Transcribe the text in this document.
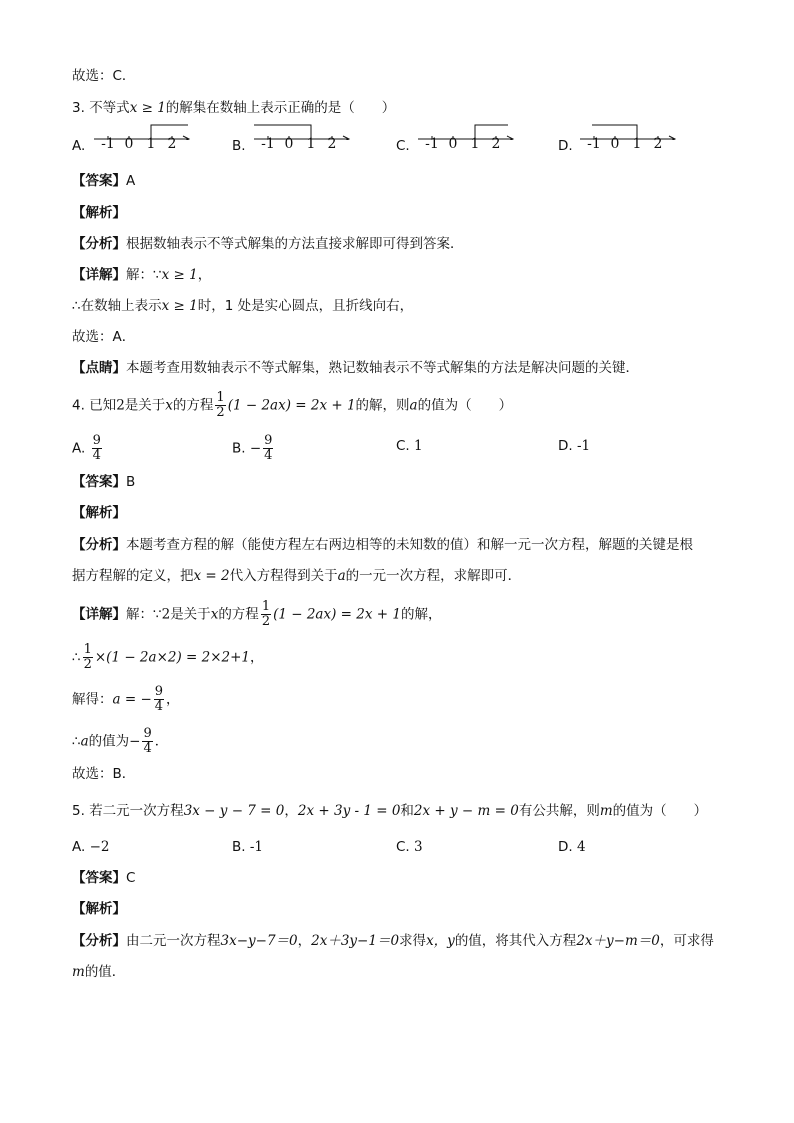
故选：C．
3. 不等式x ≥ 1的解集在数轴上表示正确的是（　　）
A. -1 0 1 2	B. -1 0 1 2	C. -1 0 1 2	D. -1 0 1 2
【答案】A
【解析】
【分析】根据数轴表示不等式解集的方法直接求解即可得到答案．
【详解】解：∵x ≥ 1，
∴在数轴上表示x ≥ 1时，1 处是实心圆点，且折线向右，
故选：A．
【点睛】本题考查用数轴表示不等式解集，熟记数轴表示不等式解集的方法是解决问题的关键．
4. 已知2是关于x的方程 $\frac{1}{2} (1 - 2ax) = 2x + 1$的解，则a的值为（　　）
A. $\frac{9}{4}$	B. − $\frac{9}{4}$	C. 1	D. -1
【答案】B
【解析】
【分析】本题考查方程的解（能使方程左右两边相等的未知数的值）和解一元一次方程，解题的关键是根
据方程解的定义，把x = 2代入方程得到关于a的一元一次方程，求解即可．
【详解】解：∵2是关于x的方程 $\frac{1}{2} (1 - 2ax) = 2x + 1$的解，
∴ $\frac{1}{2} \times(1 - 2a\times 2) = 2\times 2+1$，
解得：a = − $\frac{9}{4}$ ，
∴a的值为− $\frac{9}{4}$ ．
故选：B．
5. 若二元一次方程3x − y − 7 = 0，2x + 3y - 1 = 0和2x + y − m = 0有公共解，则m的值为（　　）
A. −2	B. -1	C. 3	D. 4
【答案】C
【解析】
【分析】由二元一次方程3x−y−7＝0，2x＋3y−1＝0求得x，y的值，将其代入方程2x＋y−m＝0，可求得
m的值．
